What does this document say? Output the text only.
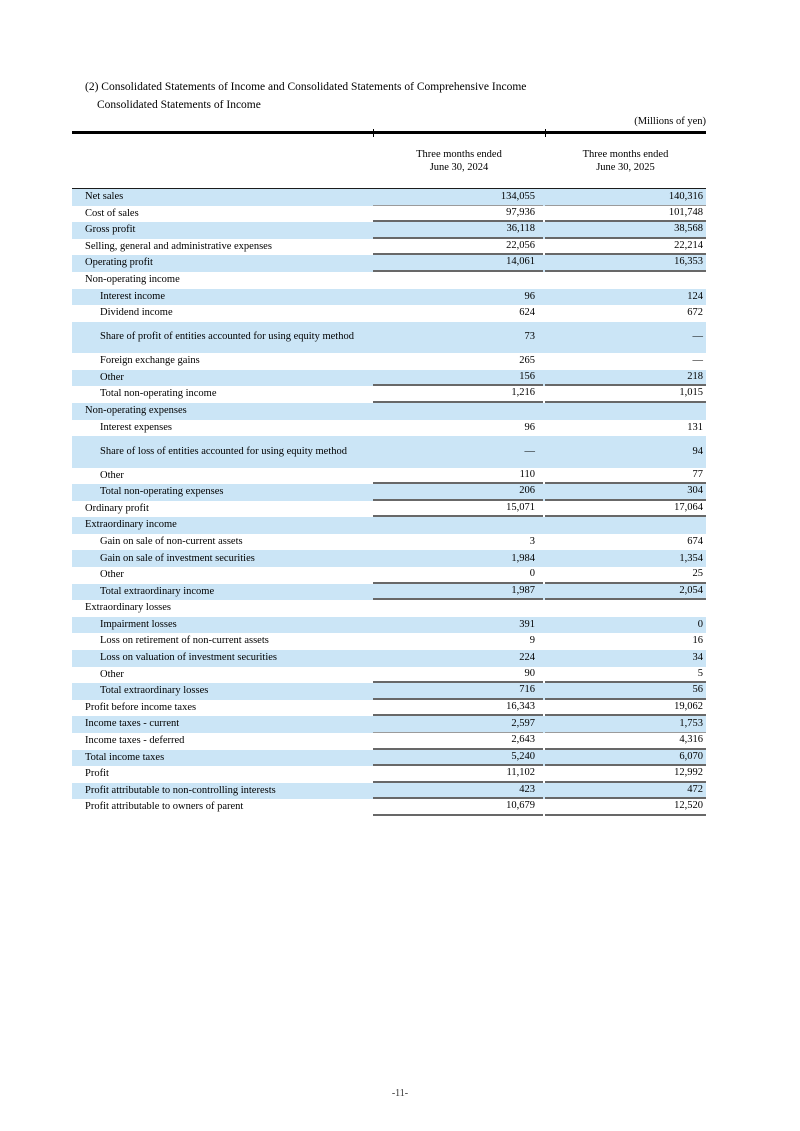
(2) Consolidated Statements of Income and Consolidated Statements of Comprehensive Income
Consolidated Statements of Income
(Millions of yen)
Three months ended
June 30, 2024
Three months ended
June 30, 2025
Net sales	134,055	140,316
Cost of sales	97,936	101,748
Gross profit	36,118	38,568
Selling, general and administrative expenses	22,056	22,214
Operating profit	14,061	16,353
Non-operating income
Interest income	96	124
Dividend income	624	672
Share of profit of entities accounted for using equity method	73	—
Foreign exchange gains	265	—
Other	156	218
Total non-operating income	1,216	1,015
Non-operating expenses
Interest expenses	96	131
Share of loss of entities accounted for using equity method	—	94
Other	110	77
Total non-operating expenses	206	304
Ordinary profit	15,071	17,064
Extraordinary income
Gain on sale of non-current assets	3	674
Gain on sale of investment securities	1,984	1,354
Other	0	25
Total extraordinary income	1,987	2,054
Extraordinary losses
Impairment losses	391	0
Loss on retirement of non-current assets	9	16
Loss on valuation of investment securities	224	34
Other	90	5
Total extraordinary losses	716	56
Profit before income taxes	16,343	19,062
Income taxes - current	2,597	1,753
Income taxes - deferred	2,643	4,316
Total income taxes	5,240	6,070
Profit	11,102	12,992
Profit attributable to non-controlling interests	423	472
Profit attributable to owners of parent	10,679	12,520
-11-
